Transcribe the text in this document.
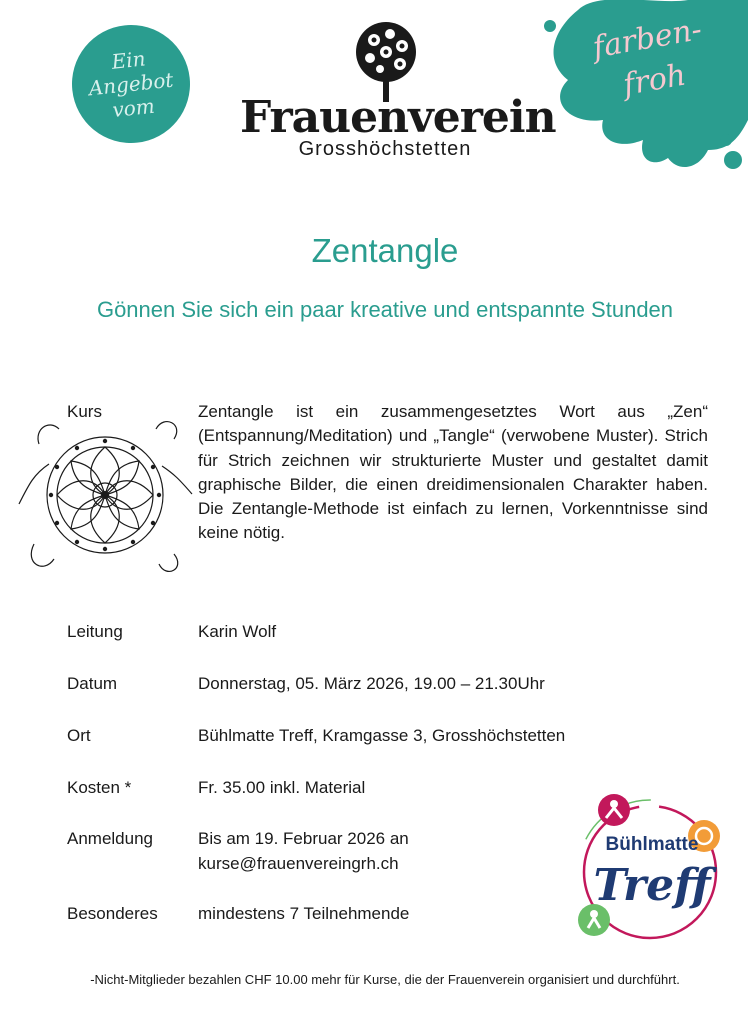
Ein
Angebot
vom
farben-
froh
Frauenverein
Grosshöchstetten
Zentangle
Gönnen Sie sich ein paar kreative und entspannte Stunden
Kurs	Zentangle ist ein zusammengesetztes Wort aus „Zen“ (Entspannung/Meditation) und „Tangle“ (verwobene Muster). Strich für Strich zeichnen wir strukturierte Muster und gestaltet damit graphische Bilder, die einen dreidimensionalen Charakter haben. Die Zentangle-Methode ist einfach zu lernen, Vorkenntnisse sind keine nötig.
Leitung	Karin Wolf
Datum	Donnerstag, 05. März 2026, 19.00 – 21.30Uhr
Ort	Bühlmatte Treff, Kramgasse 3, Grosshöchstetten
Kosten *	Fr. 35.00 inkl. Material
Anmeldung	Bis am 19. Februar 2026 an
kurse@frauenvereingrh.ch
Besonderes mindestens 7 Teilnehmende
Bühlmatte
Treff
-Nicht-Mitglieder bezahlen CHF 10.00 mehr für Kurse, die der Frauenverein organisiert und durchführt.
